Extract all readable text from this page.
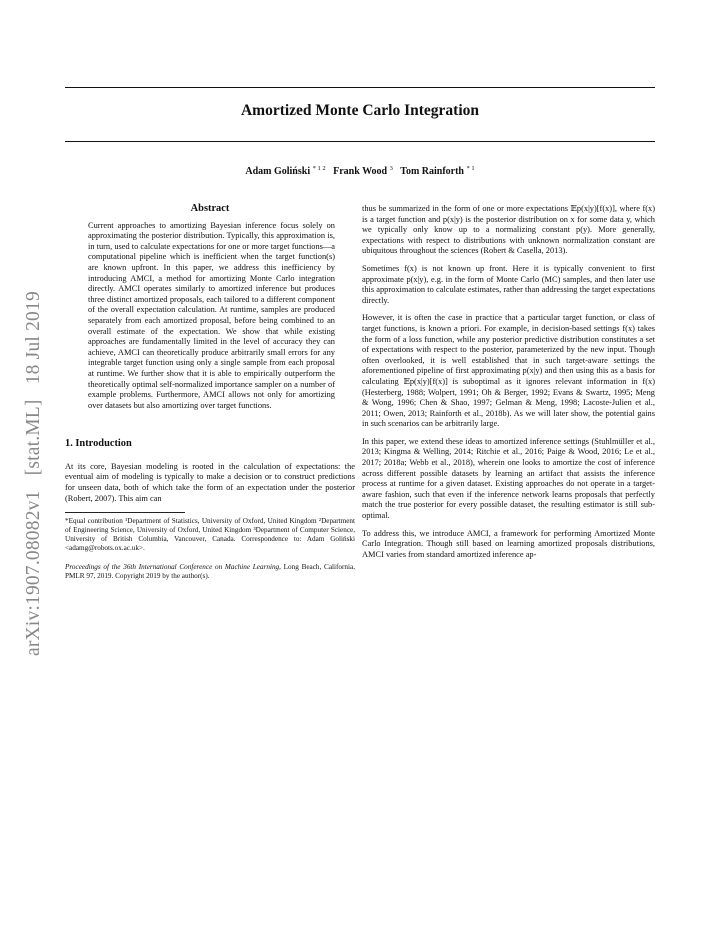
Amortized Monte Carlo Integration
Adam Goliński $^{* 1 2}$ Frank Wood $^3$ Tom Rainforth $^{* 1}$
arXiv:1907.08082v1 [stat.ML] 18 Jul 2019
Abstract

Current approaches to amortizing Bayesian inference focus solely on approximating the posterior distribution. Typically, this approximation is, in turn, used to calculate expectations for one or more target functions—a computational pipeline which is inefficient when the target function(s) are known upfront. In this paper, we address this inefficiency by introducing AMCI, a method for amortizing Monte Carlo integration directly. AMCI operates similarly to amortized inference but produces three distinct amortized proposals, each tailored to a different component of the overall expectation calculation. At runtime, samples are produced separately from each amortized proposal, before being combined to an overall estimate of the expectation. We show that while existing approaches are fundamentally limited in the level of accuracy they can achieve, AMCI can theoretically produce arbitrarily small errors for any integrable target function using only a single sample from each proposal at runtime. We further show that it is able to empirically outperform the theoretically optimal self-normalized importance sampler on a number of example problems. Furthermore, AMCI allows not only for amortizing over datasets but also amortizing over target functions.

1. Introduction

At its core, Bayesian modeling is rooted in the calculation of expectations: the eventual aim of modeling is typically to make a decision or to construct predictions for unseen data, both of which take the form of an expectation under the posterior (Robert, 2007). This aim can

*Equal contribution ¹Department of Statistics, University of Oxford, United Kingdom ²Department of Engineering Science, University of Oxford, United Kingdom ³Department of Computer Science, University of British Columbia, Vancouver, Canada. Correspondence to: Adam Goliński <adamg@robots.ox.ac.uk>.

Proceedings of the 36th International Conference on Machine Learning, Long Beach, California, PMLR 97, 2019. Copyright 2019 by the author(s).

thus be summarized in the form of one or more expectations 𝔼p(x|y)[f(x)], where f(x) is a target function and p(x|y) is the posterior distribution on x for some data y, which we typically only know up to a normalizing constant p(y). More generally, expectations with respect to distributions with unknown normalization constant are ubiquitous throughout the sciences (Robert & Casella, 2013).

Sometimes f(x) is not known up front. Here it is typically convenient to first approximate p(x|y), e.g. in the form of Monte Carlo (MC) samples, and then later use this approximation to calculate estimates, rather than addressing the target expectations directly.

However, it is often the case in practice that a particular target function, or class of target functions, is known a priori. For example, in decision-based settings f(x) takes the form of a loss function, while any posterior predictive distribution constitutes a set of expectations with respect to the posterior, parameterized by the new input. Though often overlooked, it is well established that in such target-aware settings the aforementioned pipeline of first approximating p(x|y) and then using this as a basis for calculating 𝔼p(x|y)[f(x)] is suboptimal as it ignores relevant information in f(x) (Hesterberg, 1988; Wolpert, 1991; Oh & Berger, 1992; Evans & Swartz, 1995; Meng & Wong, 1996; Chen & Shao, 1997; Gelman & Meng, 1998; Lacoste-Julien et al., 2011; Owen, 2013; Rainforth et al., 2018b). As we will later show, the potential gains in such scenarios can be arbitrarily large.

In this paper, we extend these ideas to amortized inference settings (Stuhlmüller et al., 2013; Kingma & Welling, 2014; Ritchie et al., 2016; Paige & Wood, 2016; Le et al., 2017; 2018a; Webb et al., 2018), wherein one looks to amortize the cost of inference across different possible datasets by learning an artifact that assists the inference process at runtime for a given dataset. Existing approaches do not operate in a target-aware fashion, such that even if the inference network learns proposals that perfectly match the true posterior for every possible dataset, the resulting estimator is still sub-optimal.

To address this, we introduce AMCI, a framework for performing Amortized Monte Carlo Integration. Though still based on learning amortized proposals distributions, AMCI varies from standard amortized inference ap-
